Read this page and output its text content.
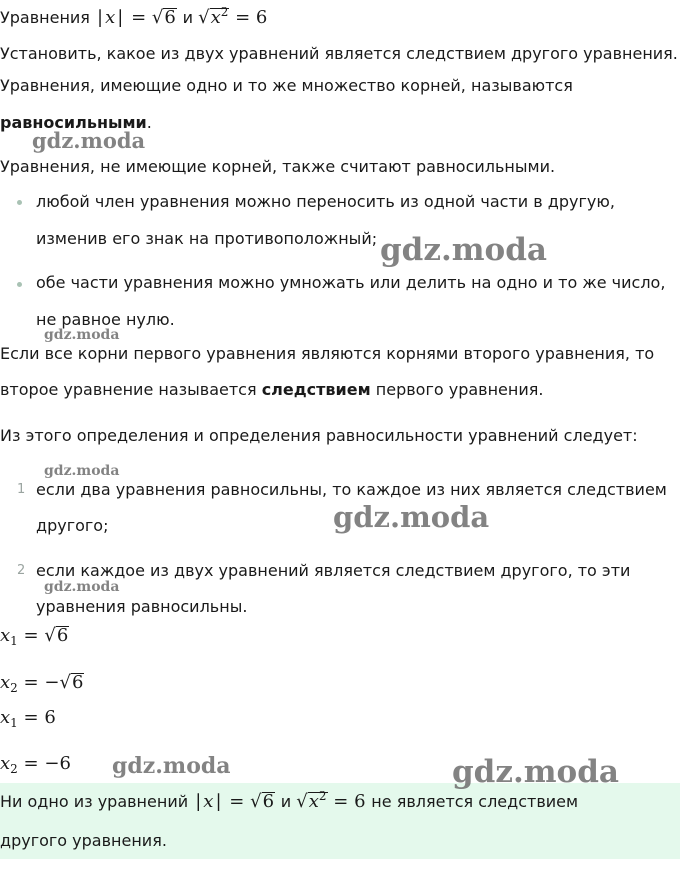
Уравнения | x | = √6 и $√x^2 = 6$
Установить, какое из двух уравнений является следствием другого уравнения.
Уравнения, имеющие одно и то же множество корней, называются
равносильными.
Уравнения, не имеющие корней, также считают равносильными.
любой член уравнения можно переносить из одной части в другую,
изменив его знак на противоположный;
обе части уравнения можно умножать или делить на одно и то же число,
не равное нулю.
Если все корни первого уравнения являются корнями второго уравнения, то
второе уравнение называется следствием первого уравнения.
Из этого определения и определения равносильности уравнений следует:
1 если два уравнения равносильны, то каждое из них является следствием
другого;
2 если каждое из двух уравнений является следствием другого, то эти
уравнения равносильны.
$x_1 = √6$
$x_2 = -√6$
$x_1 = 6$
$x_2 = -6$
Ни одно из уравнений | x | = √6 и $√x^2 = 6$ не является следствием
другого уравнения.
gdz.moda
gdz.moda
gdz.moda
gdz.moda
gdz.moda
gdz.moda
gdz.moda	gdz.moda
